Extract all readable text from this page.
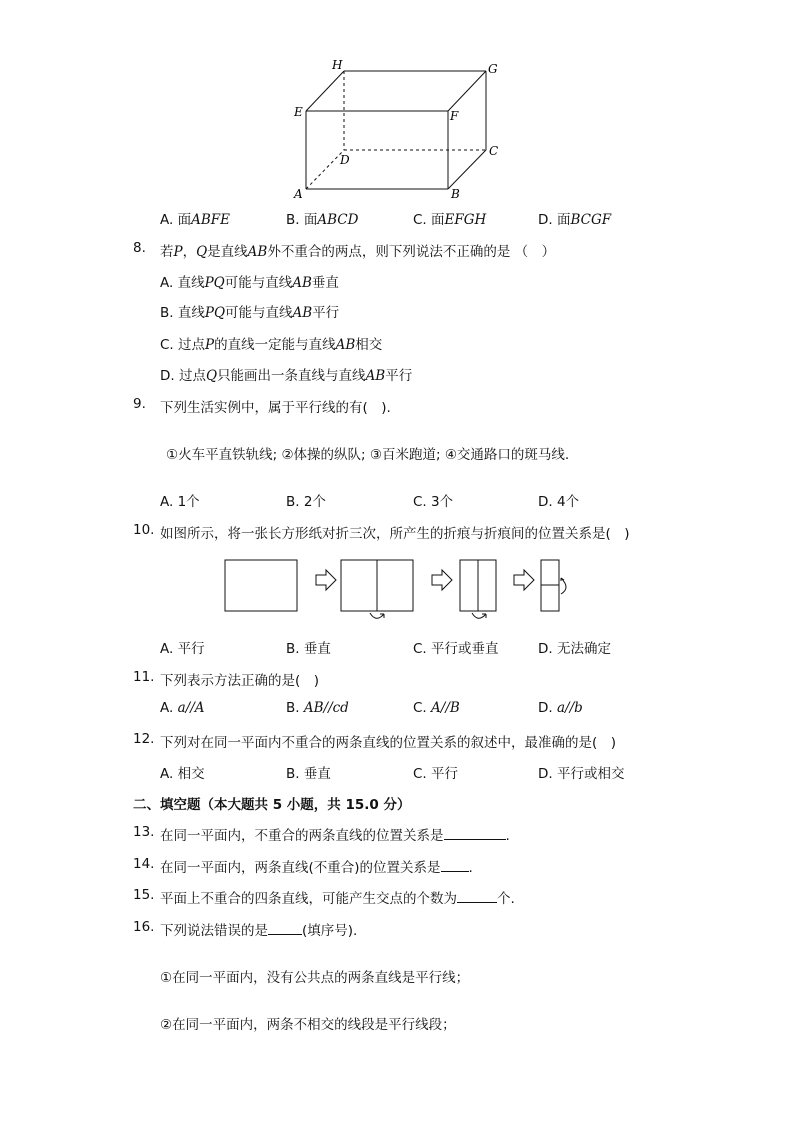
H	G
E	F
D
C
A	B
A. 面ABFE	B. 面ABCD	C. 面EFGH	D. 面BCGF
8. 若P，Q是直线AB外不重合的两点，则下列说法不正确的是 （　）
A. 直线PQ可能与直线AB垂直
B. 直线PQ可能与直线AB平行
C. 过点P的直线一定能与直线AB相交
D. 过点Q只能画出一条直线与直线AB平行
9. 下列生活实例中，属于平行线的有(　).
①火车平直铁轨线; ②体操的纵队; ③百米跑道; ④交通路口的斑马线.
A. 1个	B. 2个	C. 3个	D. 4个
10. 如图所示，将一张长方形纸对折三次，所产生的折痕与折痕间的位置关系是(　)
A. 平行	B. 垂直	C. 平行或垂直	D. 无法确定
11. 下列表示方法正确的是(　)
A. a//A	B. AB//cd	C. A//B	D. a//b
12. 下列对在同一平面内不重合的两条直线的位置关系的叙述中，最准确的是(　)
A. 相交	B. 垂直	C. 平行	D. 平行或相交
二、填空题（本大题共 5 小题，共 15.0 分）
13. 在同一平面内，不重合的两条直线的位置关系是	.
14. 在同一平面内，两条直线(不重合)的位置关系是 .
15. 平面上不重合的四条直线，可能产生交点的个数为	个.
16. 下列说法错误的是	(填序号).
①在同一平面内，没有公共点的两条直线是平行线；
②在同一平面内，两条不相交的线段是平行线段；
